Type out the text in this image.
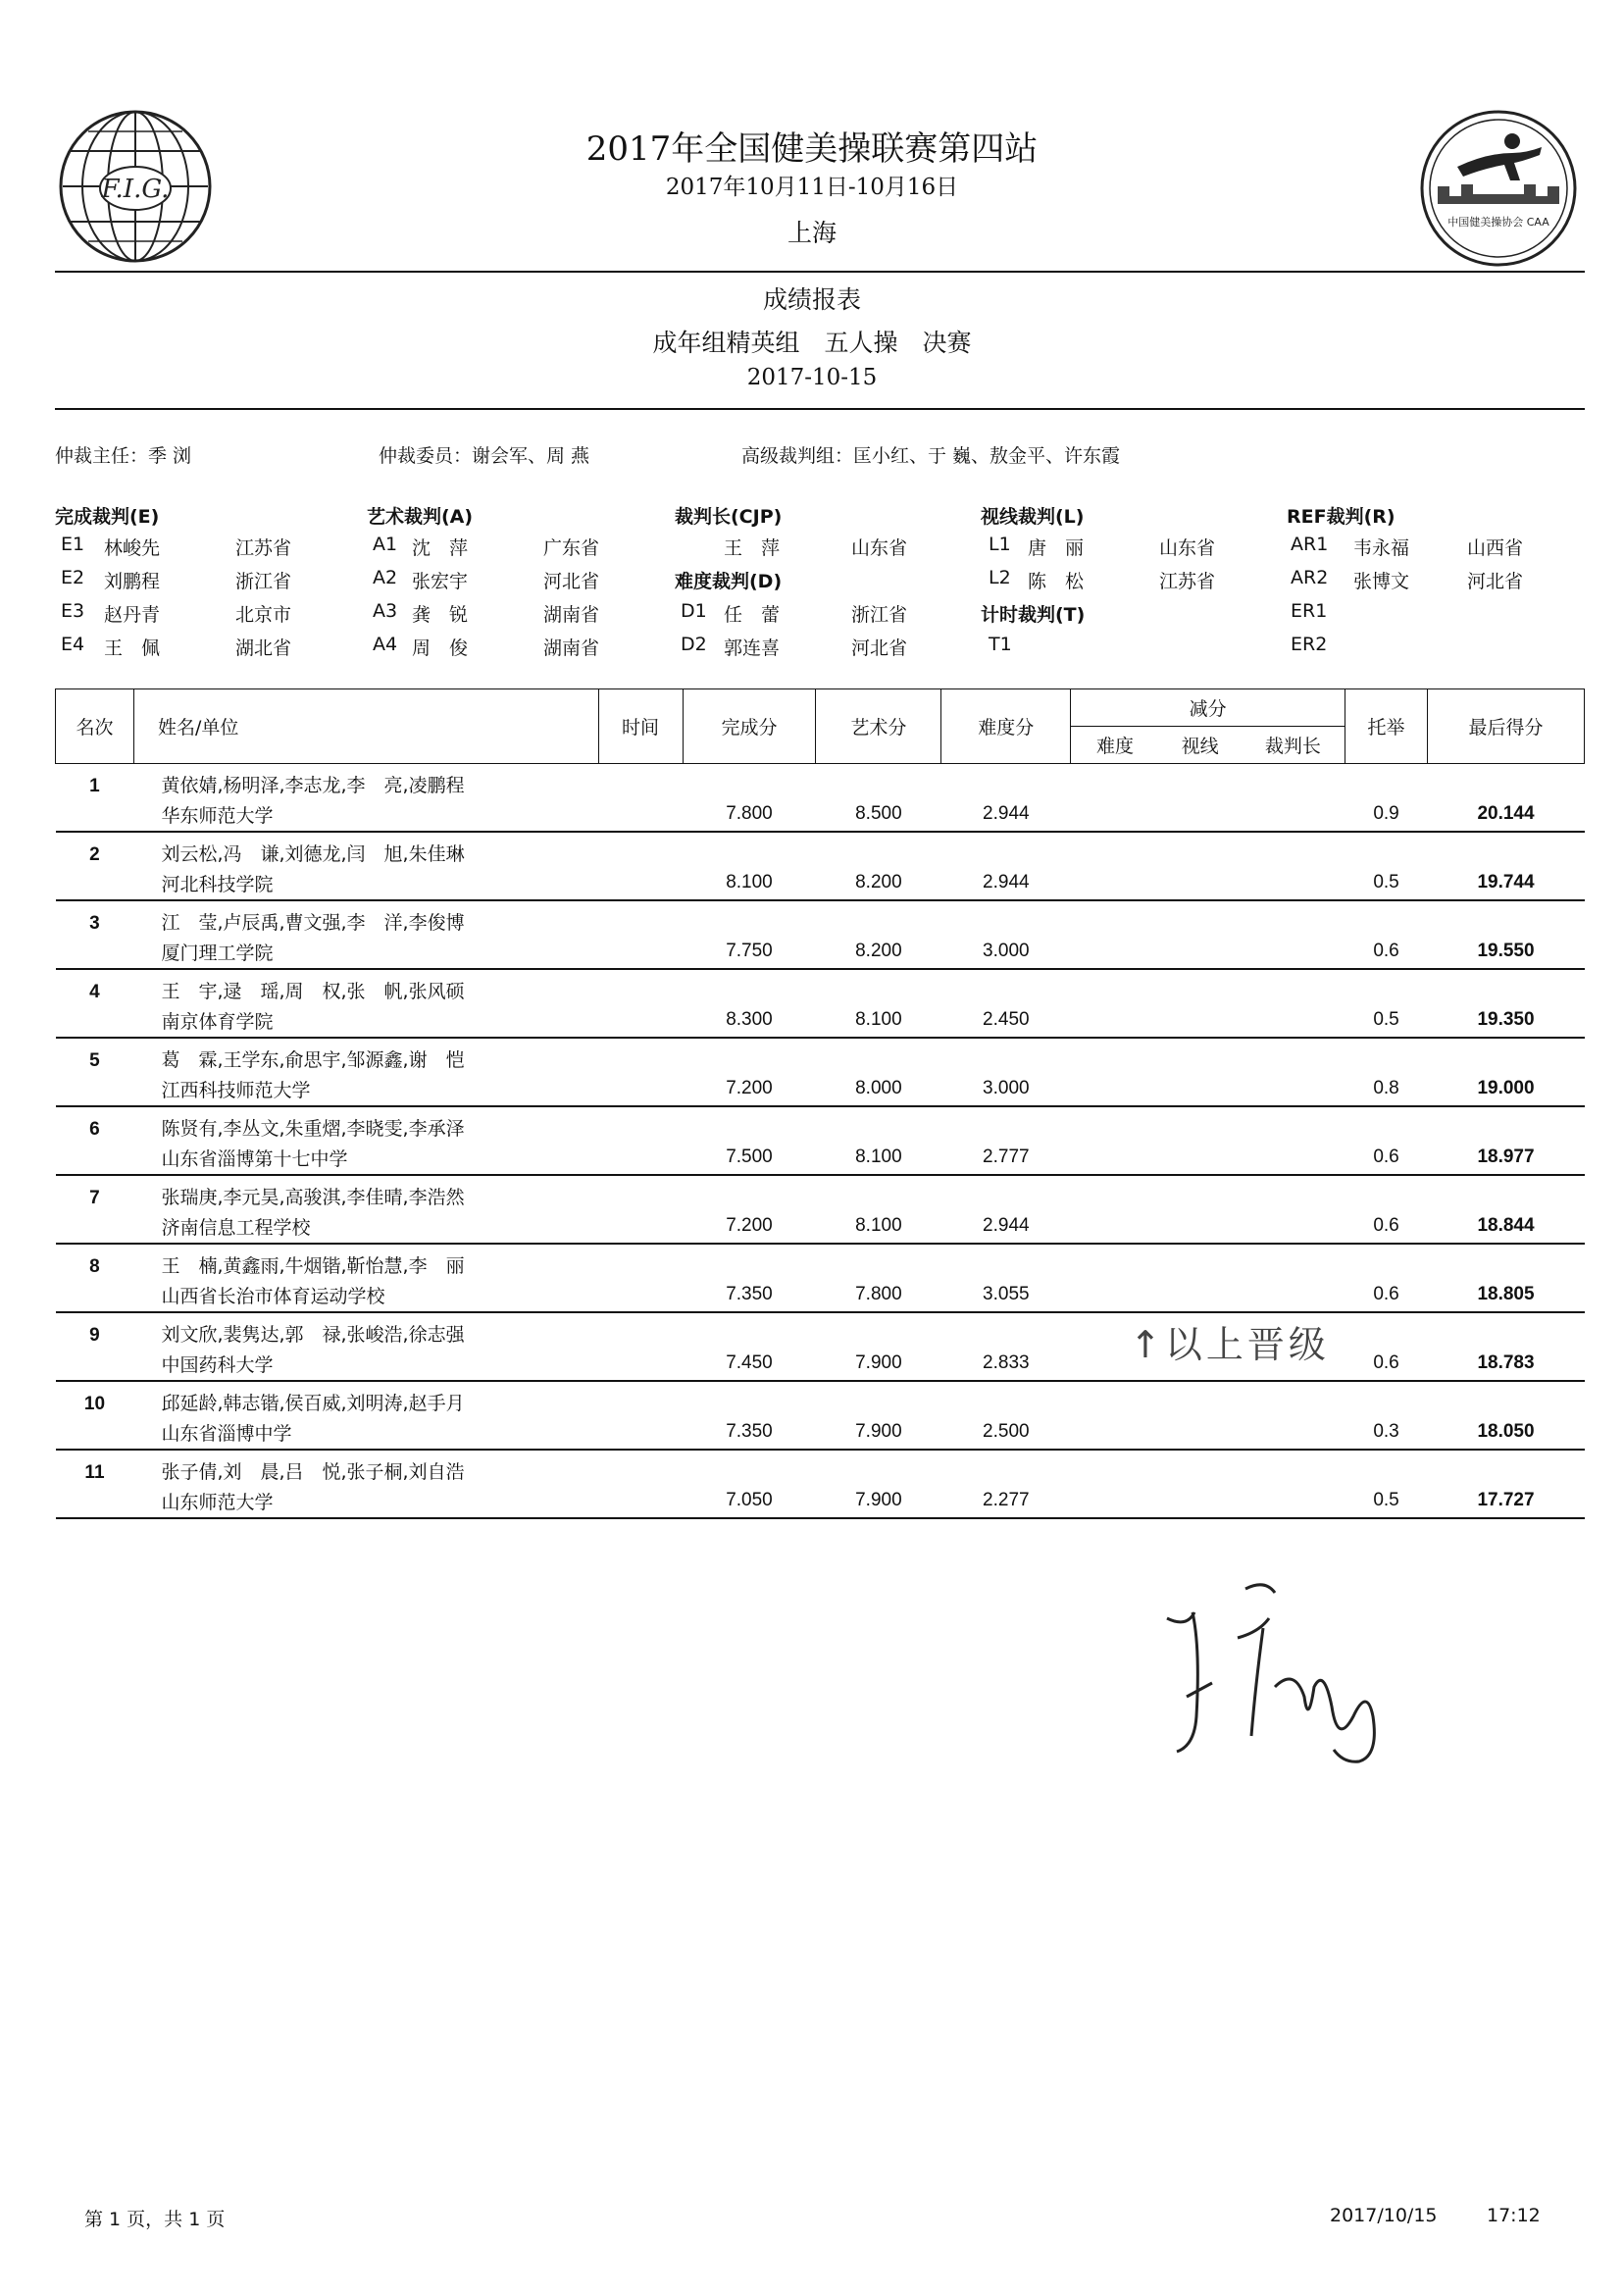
F.I.G.
中国健美操协会 CAA
2017年全国健美操联赛第四站
2017年10月11日-10月16日
上海
成绩报表
成年组精英组　五人操　决赛
2017-10-15
仲裁主任：季 浏	仲裁委员：谢会军、周 燕	高级裁判组：匡小红、于 巍、敖金平、许东霞
完成裁判(E)
E1 林峻先	江苏省
E2 刘鹏程	浙江省
E3 赵丹青	北京市
E4 王　佩	湖北省
艺术裁判(A)
A1 沈　萍	广东省
A2 张宏宇	河北省
A3 龚　锐	湖南省
A4 周　俊	湖南省
裁判长(CJP)
王　萍	山东省
难度裁判(D)
D1 任　蕾	浙江省
D2 郭连喜	河北省
视线裁判(L)
L1 唐　丽	山东省
L2 陈　松	江苏省
计时裁判(T)
T1
REF裁判(R)
AR1 韦永福	山西省
AR2 张博文	河北省
ER1
ER2
名次	姓名/单位	时间	完成分	艺术分	难度分	减分			托举	最后得分
						难度	视线	裁判长		
1	黄依婧,杨明泽,李志龙,李　亮,凌鹏程									
	华东师范大学		7.800	8.500	2.944				0.9	20.144
2	刘云松,冯　谦,刘德龙,闫　旭,朱佳琳									
	河北科技学院		8.100	8.200	2.944				0.5	19.744
3	江　莹,卢辰禹,曹文强,李　洋,李俊博									
	厦门理工学院		7.750	8.200	3.000				0.6	19.550
4	王　宇,逯　瑶,周　权,张　帆,张风硕									
	南京体育学院		8.300	8.100	2.450				0.5	19.350
5	葛　霖,王学东,俞思宇,邹源鑫,谢　恺									
	江西科技师范大学		7.200	8.000	3.000				0.8	19.000
6	陈贤有,李丛文,朱重熠,李晓雯,李承泽									
	山东省淄博第十七中学		7.500	8.100	2.777				0.6	18.977
7	张瑞庚,李元昊,高骏淇,李佳晴,李浩然									
	济南信息工程学校		7.200	8.100	2.944				0.6	18.844
8	王　楠,黄鑫雨,牛烟锴,靳怡慧,李　丽									
	山西省长治市体育运动学校		7.350	7.800	3.055				0.6	18.805
9	刘文欣,裴隽达,郭　禄,张峻浩,徐志强									
	中国药科大学		7.450	7.900	2.833				0.6	18.783
10	邱延龄,韩志锴,侯百威,刘明涛,赵手月									
	山东省淄博中学		7.350	7.900	2.500				0.3	18.050
11	张子倩,刘　晨,吕　悦,张子桐,刘自浩									
	山东师范大学		7.050	7.900	2.277				0.5	17.727
↑以上晋级
第 1 页，共 1 页	2017/10/15	17:12
